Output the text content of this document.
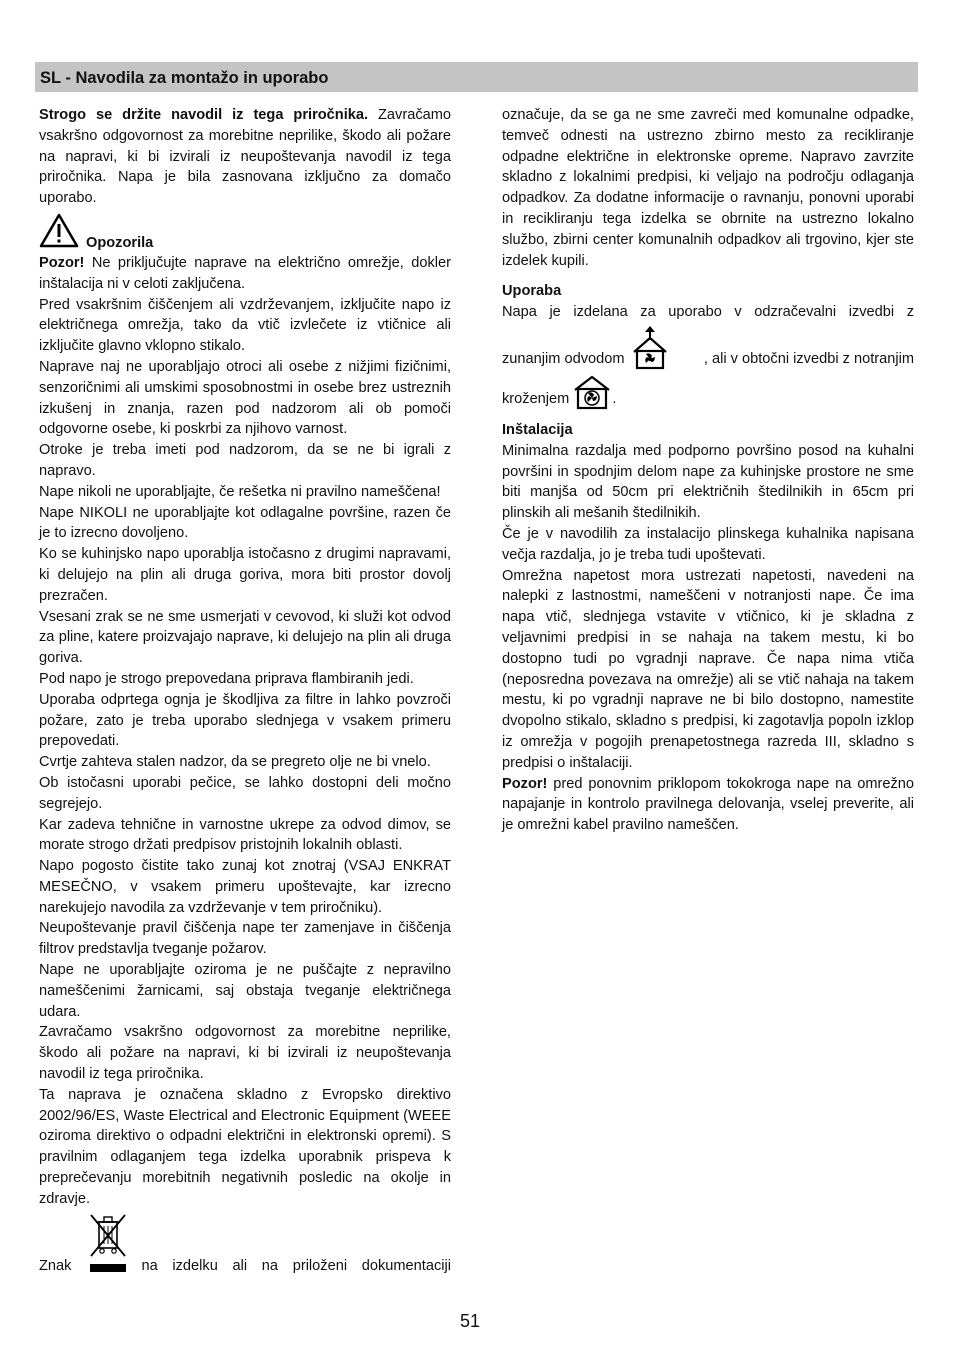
SL - Navodila za montažo in uporabo

Strogo se držite navodil iz tega priročnika. Zavračamo vsakršno odgovornost za morebitne neprilike, škodo ali požare na napravi, ki bi izvirali iz neupoštevanja navodil iz tega priročnika. Napa je bila zasnovana izključno za domačo uporabo.

Opozorila

Pozor! Ne priključujte naprave na električno omrežje, dokler inštalacija ni v celoti zaključena.

Pred vsakršnim čiščenjem ali vzdrževanjem, izključite napo iz električnega omrežja, tako da vtič izvlečete iz vtičnice ali izključite glavno vklopno stikalo.

Naprave naj ne uporabljajo otroci ali osebe z nižjimi fizičnimi, senzoričnimi ali umskimi sposobnostmi in osebe brez ustreznih izkušenj in znanja, razen pod nadzorom ali ob pomoči odgovorne osebe, ki poskrbi za njihovo varnost.

Otroke je treba imeti pod nadzorom, da se ne bi igrali z napravo.

Nape nikoli ne uporabljajte, če rešetka ni pravilno nameščena!

Nape NIKOLI ne uporabljajte kot odlagalne površine, razen če je to izrecno dovoljeno.

Ko se kuhinjsko napo uporablja istočasno z drugimi napravami, ki delujejo na plin ali druga goriva, mora biti prostor dovolj prezračen.

Vsesani zrak se ne sme usmerjati v cevovod, ki služi kot odvod za pline, katere proizvajajo naprave, ki delujejo na plin ali druga goriva.

Pod napo je strogo prepovedana priprava flambiranih jedi.

Uporaba odprtega ognja je škodljiva za filtre in lahko povzroči požare, zato je treba uporabo slednjega v vsakem primeru prepovedati.

Cvrtje zahteva stalen nadzor, da se pregreto olje ne bi vnelo.

Ob istočasni uporabi pečice, se lahko dostopni deli močno segrejejo.

Kar zadeva tehnične in varnostne ukrepe za odvod dimov, se morate strogo držati predpisov pristojnih lokalnih oblasti.

Napo pogosto čistite tako zunaj kot znotraj (VSAJ ENKRAT MESEČNO, v vsakem primeru upoštevajte, kar izrecno narekujejo navodila za vzdrževanje v tem priročniku).

Neupoštevanje pravil čiščenja nape ter zamenjave in čiščenja filtrov predstavlja tveganje požarov.

Nape ne uporabljajte oziroma je ne puščajte z nepravilno nameščenimi žarnicami, saj obstaja tveganje električnega udara.

Zavračamo vsakršno odgovornost za morebitne neprilike, škodo ali požare na napravi, ki bi izvirali iz neupoštevanja navodil iz tega priročnika.

Ta naprava je označena skladno z Evropsko direktivo 2002/96/ES, Waste Electrical and Electronic Equipment (WEEE oziroma direktivo o odpadni električni in elektronski opremi). S pravilnim odlaganjem tega izdelka uporabnik prispeva k preprečevanju morebitnih negativnih posledic na okolje in zdravje.

Znak	na izdelku ali na priloženi dokumentaciji

označuje, da se ga ne sme zavreči med komunalne odpadke, temveč odnesti na ustrezno zbirno mesto za recikliranje odpadne električne in elektronske opreme. Napravo zavrzite skladno z lokalnimi predpisi, ki veljajo na področju odlaganja odpadkov. Za dodatne informacije o ravnanju, ponovni uporabi in recikliranju tega izdelka se obrnite na ustrezno lokalno službo, zbirni center komunalnih odpadkov ali trgovino, kjer ste izdelek kupili.

Uporaba

Napa je izdelana za uporabo v odzračevalni izvedbi z

zunanjim odvodom	, ali v obtočni izvedbi z notranjim
kroženjem	.

Inštalacija

Minimalna razdalja med podporno površino posod na kuhalni površini in spodnjim delom nape za kuhinjske prostore ne sme biti manjša od 50cm pri električnih štedilnikih in 65cm pri plinskih ali mešanih štedilnikih.

Če je v navodilih za instalacijo plinskega kuhalnika napisana večja razdalja, jo je treba tudi upoštevati.

Omrežna napetost mora ustrezati napetosti, navedeni na nalepki z lastnostmi, nameščeni v notranjosti nape. Če ima napa vtič, slednjega vstavite v vtičnico, ki je skladna z veljavnimi predpisi in se nahaja na takem mestu, ki bo dostopno tudi po vgradnji naprave. Če napa nima vtiča (neposredna povezava na omrežje) ali se vtič nahaja na takem mestu, ki po vgradnji naprave ne bi bilo dostopno, namestite dvopolno stikalo, skladno s predpisi, ki zagotavlja popoln izklop iz omrežja v pogojih prenapetostnega razreda III, skladno s predpisi o inštalaciji.

Pozor! pred ponovnim priklopom tokokroga nape na omrežno napajanje in kontrolo pravilnega delovanja, vselej preverite, ali je omrežni kabel pravilno nameščen.

51
